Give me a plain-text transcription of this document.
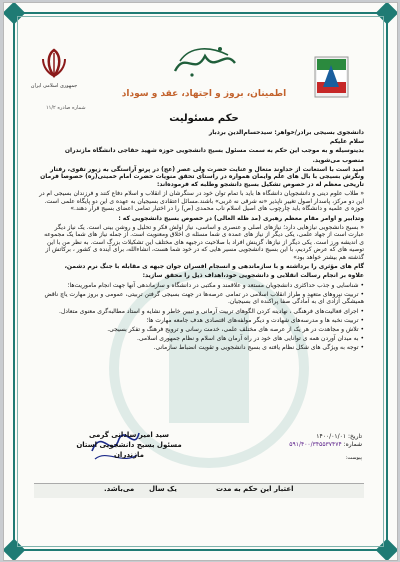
جمهوری اسلامی ایران
اطمینان، بروز و اجتهاد، عقد و سوداد
شماره صادره ۱۱/۲
حکم مسئولیت

دانشجوی بسیجی برادر/خواهر: سیدحسام‌الدین بردبار

سلام علیکم

بدینوسیله و به موجب این حکم به سمت مسئول بسیج دانشجویی حوزه شهید حقاجی دانشگاه مازندران

منصوب می‌شوید.

امید است با استعانت از خداوند متعال و عنایت حضرت ولی عصر (عج) در پرتو آراستگی به زیور تقوی، رفتار ونگرش بسیجی با بال های علم وایمان همواره در راستای تحقق منویات حضرت امام خمینی(ره) خصوصا فرمان تاریخی معظم له در خصوص تشکیل بسیج دانشجو وطلبه که فرموده‌اند:

« طلاب علوم دینی و دانشجویان دانشگاه ها باید با تمام توان خود در سنگرشان از انقلاب و اسلام دفاع کنند و فرزندان بسیجی ام در این دو مرکز، پاسدار اصول تغییر ناپذیر «نه شرقی نه غربی» باشند.مسائل اعتقادی بسیجیان به عهده ی این دو پایگاه علمی است. حوزه ی علمیه و دانشگاه باید چارچوب های اصیل اسلام ناب محمدی (ص) را در اختیار تمامی اعضای بسیج قرار دهند.»

وتدابیر و اوامر مقام معظم رهبری (مد ظله العالی) در خصوص بسیج دانشجویی که :

« بسیج دانشجویی نیازهایی دارد؛ نیازهای اصلی و عنصری و اساسی، نیاز اولش فکر و تحلیل و روشن بینی است. یک نیاز دیگر عبارت است از جهاد علمی، یکی دیگر از نیاز های عمده ی شما مسئله ی اخلاق ومعنویت است. از جمله نیاز های شما یک مجموعه ی اندیشه ورز است. یکی دیگر از نیازها، گزینش افراد با صلاحیت درجبهه های مختلف این تشکیلات بزرگ است. به نظر من با این توصیه های که عرض کردیم، با این بسیج دانشجویی مسیر هایی که در خود شما هست، انشاءالله، برای آینده ی کشور ، برکاتش از گذشته هم بیشتر خواهد بود»

گام های مؤثری را برداشته و با سازماندهی و انسجام افسران جوان جبهه ی مقابله با جنگ نرم دشمن،

علاوه بر انجام رسالت انقلابی و دانشجویی خود،اهداف ذیل را محقق سازید:

• شناسایی و جذب حداکثری دانشجویان مستعد و علاقمند و مکتبی در دانشگاه و سازماندهی آنها جهت انجام ماموریت‌ها؛

• تربیت نیروهای متعهد و طراز انقلاب اسلامی در تمامی عرصه‌ها در جهت بسیجی گرفتن تربیتی، عمومی و بروز مهارت یاچ ناقض همیشگی آزادی ای به آمادگی صفا پراکنده ای بسیجیان.

• اجرای فعالیت‌های فرهنگی ، نهادینه کردن الگوهای تربیت آرمانی و تبیین خاطر و نشایه و استاد مطالبه‌گری معنوی متعادل.

• تربیت نخبه ها و مدرسه‌های شهادت و دیگر مولفه‌های اقتصادی هدف جامعه مهارت ها؛

• تلاش و مجاهدت در هر یک از عرصه های مختلف علمی، خدمت رسانی و ترویج فرهنگ و تفکر بسیجی.

• به میدان آوردن همه ی توانایی های خود در راه آرمان های اسلام و نظام جمهوری اسلامی.

• توجه به ویژگی های شکل نظام یافته ی بسیج دانشجویی و تقویت انضباط سازمانی.

سید امیر سادانی گرمی
مسئول بسیج دانشجویی استان مازندران
تاریخ: ۱۴۰۰/۰۱/۰۱
شماره: ۵۹۱/۴۰۰/۳۴۵۵۳۷۴۷۴
پیوست:
اعتبار این حکم به مدت
یک سال
می‌باشد.
